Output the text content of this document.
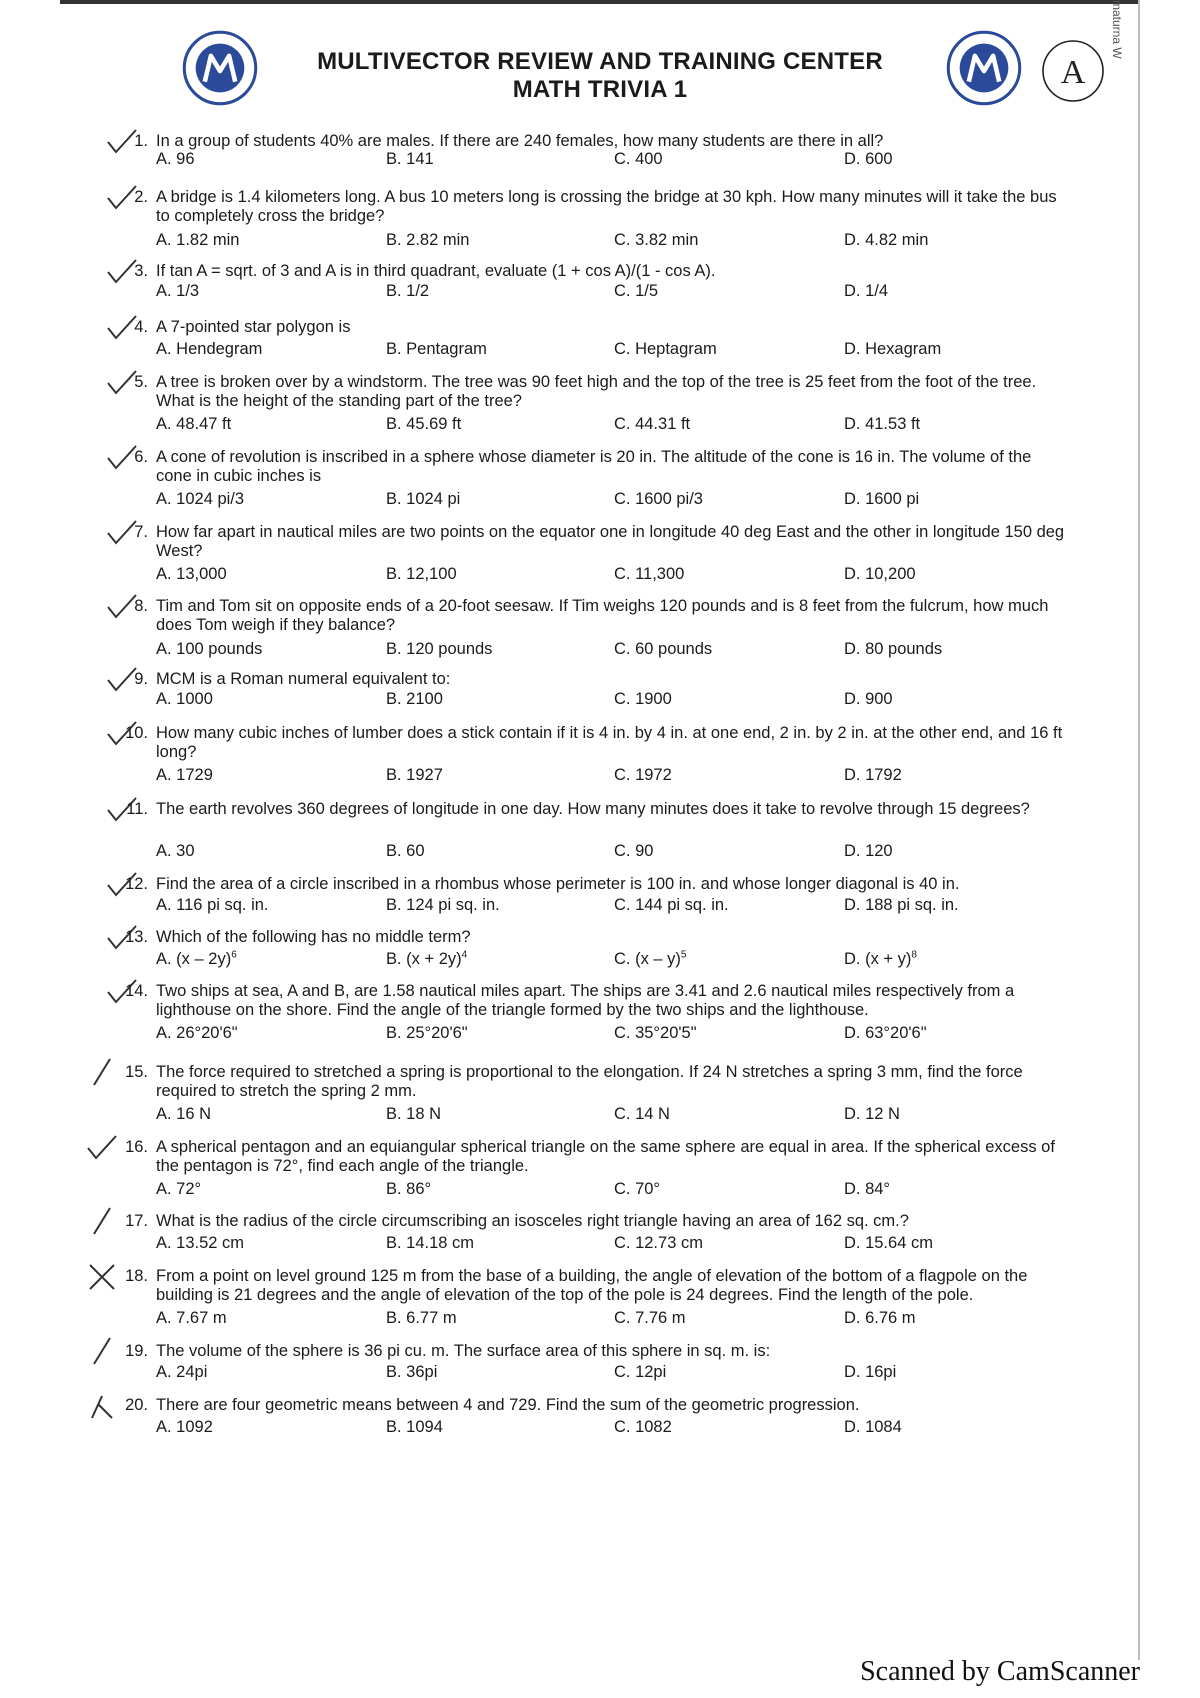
MULTIVECTOR REVIEW AND TRAINING CENTER
MATH TRIVIA 1	A
maturna W
1. In a group of students 40% are males. If there are 240 females, how many students are there in all?
A. 96	B. 141	C. 400	D. 600
2. A bridge is 1.4 kilometers long. A bus 10 meters long is crossing the bridge at 30 kph. How many minutes will it take the bus to completely cross the bridge?
A. 1.82 min	B. 2.82 min	C. 3.82 min	D. 4.82 min
3. If tan A = sqrt. of 3 and A is in third quadrant, evaluate (1 + cos A)/(1 - cos A).
A. 1/3	B. 1/2	C. 1/5	D. 1/4
4. A 7-pointed star polygon is
A. Hendegram	B. Pentagram	C. Heptagram	D. Hexagram
5. A tree is broken over by a windstorm. The tree was 90 feet high and the top of the tree is 25 feet from the foot of the tree. What is the height of the standing part of the tree?
A. 48.47 ft	B. 45.69 ft	C. 44.31 ft	D. 41.53 ft
6. A cone of revolution is inscribed in a sphere whose diameter is 20 in. The altitude of the cone is 16 in. The volume of the cone in cubic inches is
A. 1024 pi/3	B. 1024 pi	C. 1600 pi/3	D. 1600 pi
7. How far apart in nautical miles are two points on the equator one in longitude 40 deg East and the other in longitude 150 deg West?
A. 13,000	B. 12,100	C. 11,300	D. 10,200
8. Tim and Tom sit on opposite ends of a 20-foot seesaw. If Tim weighs 120 pounds and is 8 feet from the fulcrum, how much does Tom weigh if they balance?
A. 100 pounds	B. 120 pounds	C. 60 pounds	D. 80 pounds
9. MCM is a Roman numeral equivalent to:
A. 1000	B. 2100	C. 1900	D. 900
10. How many cubic inches of lumber does a stick contain if it is 4 in. by 4 in. at one end, 2 in. by 2 in. at the other end, and 16 ft long?
A. 1729	B. 1927	C. 1972	D. 1792
11. The earth revolves 360 degrees of longitude in one day. How many minutes does it take to revolve through 15 degrees?
A. 30	B. 60	C. 90	D. 120
12. Find the area of a circle inscribed in a rhombus whose perimeter is 100 in. and whose longer diagonal is 40 in.
A. 116 pi sq. in.	B. 124 pi sq. in.	C. 144 pi sq. in.	D. 188 pi sq. in.
13. Which of the following has no middle term?
A. (x – 2y)$^6$	B. $(x + 2y)^4$	C. (x – y)$^5$	D. $(x + y)^8$
14. Two ships at sea, A and B, are 1.58 nautical miles apart. The ships are 3.41 and 2.6 nautical miles respectively from a lighthouse on the shore. Find the angle of the triangle formed by the two ships and the lighthouse.
A. 26°20'6"	B. 25°20'6"	C. 35°20'5"	D. 63°20'6"
15. The force required to stretched a spring is proportional to the elongation. If 24 N stretches a spring 3 mm, find the force required to stretch the spring 2 mm.
A. 16 N	B. 18 N	C. 14 N	D. 12 N
16. A spherical pentagon and an equiangular spherical triangle on the same sphere are equal in area. If the spherical excess of the pentagon is 72°, find each angle of the triangle.
A. 72°	B. 86°	C. 70°	D. 84°
17. What is the radius of the circle circumscribing an isosceles right triangle having an area of 162 sq. cm.?
A. 13.52 cm	B. 14.18 cm	C. 12.73 cm	D. 15.64 cm
18. From a point on level ground 125 m from the base of a building, the angle of elevation of the bottom of a flagpole on the building is 21 degrees and the angle of elevation of the top of the pole is 24 degrees. Find the length of the pole.
A. 7.67 m	B. 6.77 m	C. 7.76 m	D. 6.76 m
19. The volume of the sphere is 36 pi cu. m. The surface area of this sphere in sq. m. is:
A. 24pi	B. 36pi	C. 12pi	D. 16pi
20. There are four geometric means between 4 and 729. Find the sum of the geometric progression.
A. 1092	B. 1094	C. 1082	D. 1084
Scanned by CamScanner
